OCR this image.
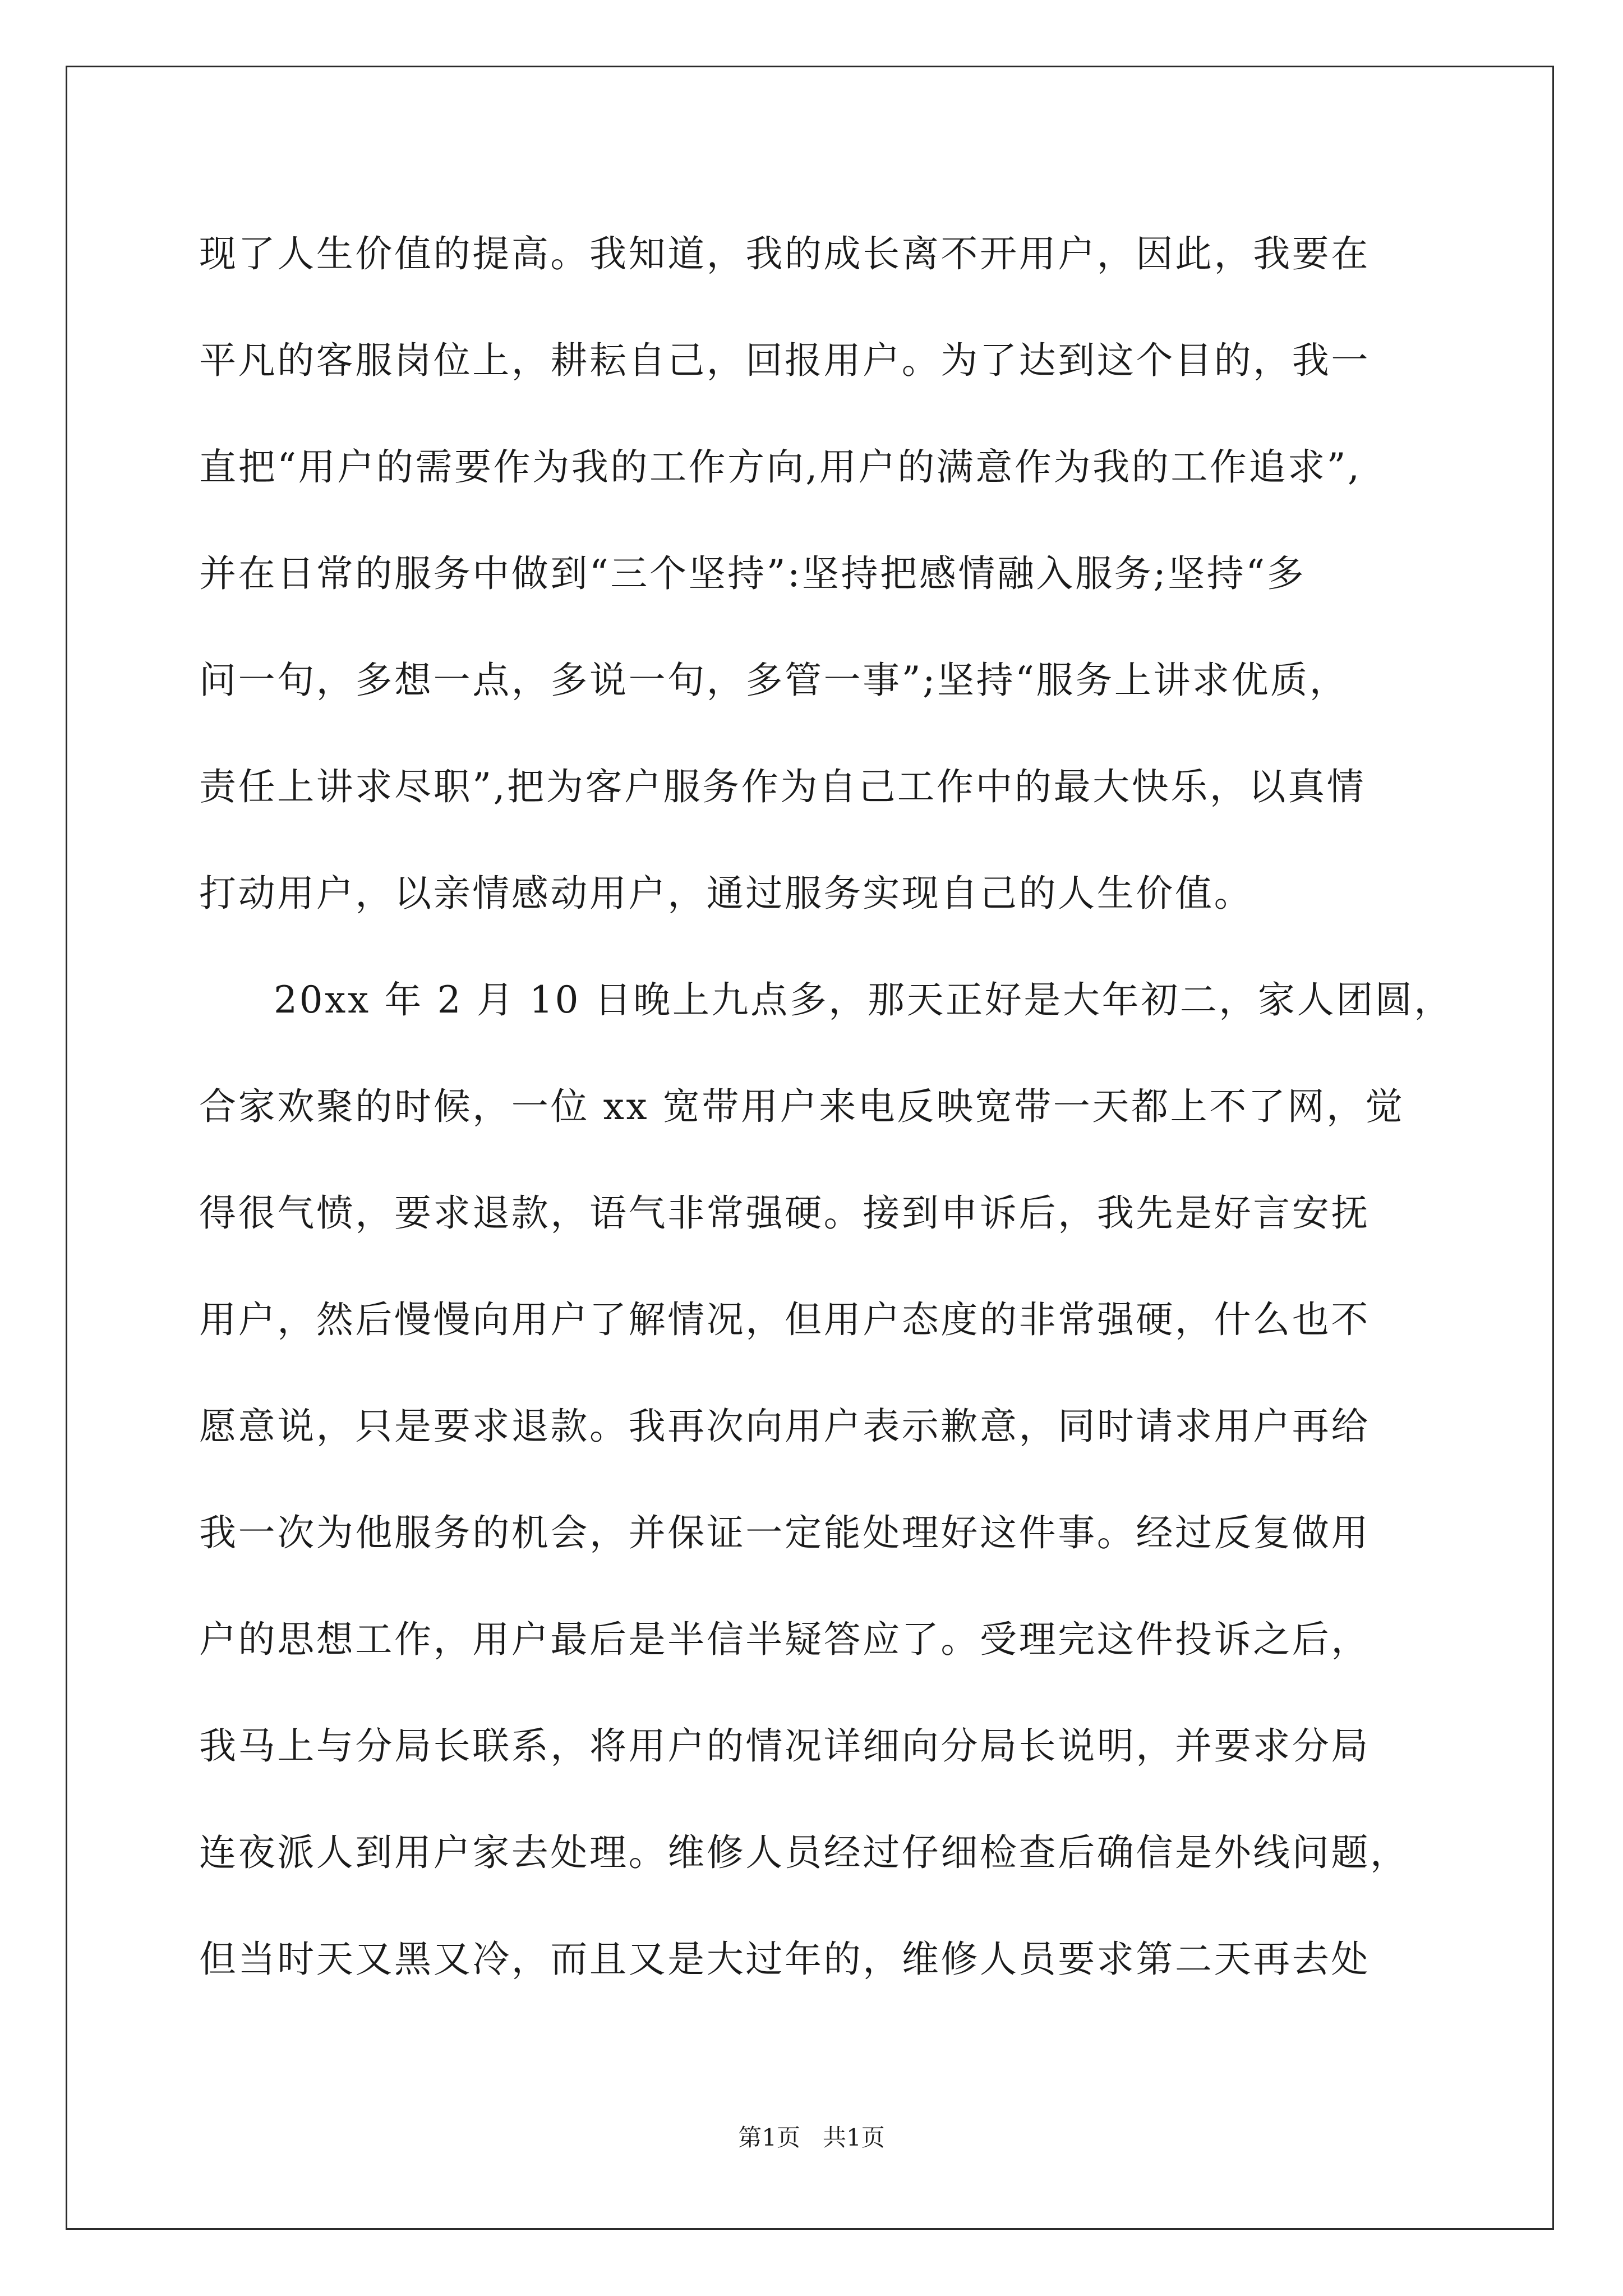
现了人生价值的提高。我知道，我的成长离不开用户，因此，我要在
平凡的客服岗位上，耕耘自己，回报用户。为了达到这个目的，我一
直把“用户的需要作为我的工作方向,用户的满意作为我的工作追求”,
并在日常的服务中做到“三个坚持”:坚持把感情融入服务;坚持“多
问一句，多想一点，多说一句，多管一事”;坚持“服务上讲求优质，
责任上讲求尽职”,把为客户服务作为自己工作中的最大快乐，以真情
打动用户，以亲情感动用户，通过服务实现自己的人生价值。
20xx 年 2 月 10 日晚上九点多，那天正好是大年初二，家人团圆，
合家欢聚的时候，一位 xx 宽带用户来电反映宽带一天都上不了网，觉
得很气愤，要求退款，语气非常强硬。接到申诉后，我先是好言安抚
用户，然后慢慢向用户了解情况，但用户态度的非常强硬，什么也不
愿意说，只是要求退款。我再次向用户表示歉意，同时请求用户再给
我一次为他服务的机会，并保证一定能处理好这件事。经过反复做用
户的思想工作，用户最后是半信半疑答应了。受理完这件投诉之后，
我马上与分局长联系，将用户的情况详细向分局长说明，并要求分局
连夜派人到用户家去处理。维修人员经过仔细检查后确信是外线问题，
但当时天又黑又冷，而且又是大过年的，维修人员要求第二天再去处
第1页   共1页
